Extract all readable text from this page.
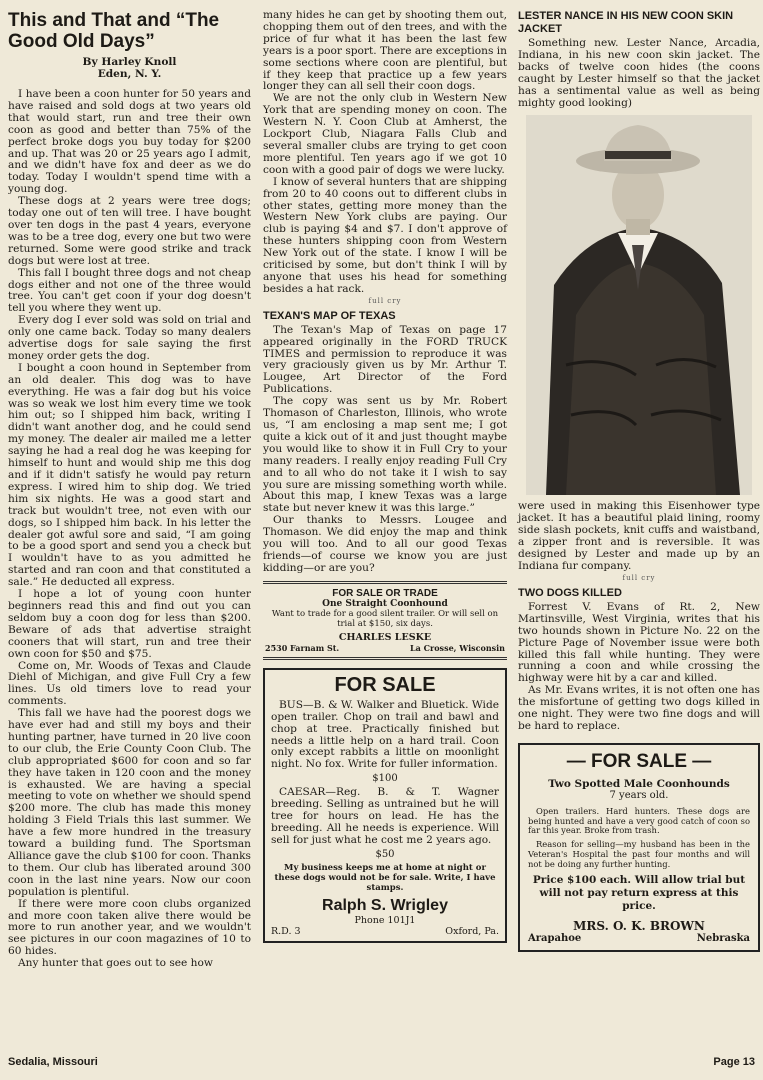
This and That and “The Good Old Days”
By Harley Knoll
Eden, N. Y.

I have been a coon hunter for 50 years and have raised and sold dogs at two years old that would start, run and tree their own coon as good and better than 75% of the perfect broke dogs you buy today for $200 and up. That was 20 or 25 years ago I admit, and we didn't have fox and deer as we do today. Today I wouldn't spend time with a young dog.

These dogs at 2 years were tree dogs; today one out of ten will tree. I have bought over ten dogs in the past 4 years, everyone was to be a tree dog, every one but two were returned. Some were good strike and track dogs but were lost at tree.

This fall I bought three dogs and not cheap dogs either and not one of the three would tree. You can't get coon if your dog doesn't tell you where they went up.

Every dog I ever sold was sold on trial and only one came back. Today so many dealers advertise dogs for sale saying the first money order gets the dog.

I bought a coon hound in September from an old dealer. This dog was to have everything. He was a fair dog but his voice was so weak we lost him every time we took him out; so I shipped him back, writing I didn't want another dog, and he could send my money. The dealer air mailed me a letter saying he had a real dog he was keeping for himself to hunt and would ship me this dog and if it didn't satisfy he would pay return express. I wired him to ship dog. We tried him six nights. He was a good start and track but wouldn't tree, not even with our dogs, so I shipped him back. In his letter the dealer got awful sore and said, “I am going to be a good sport and send you a check but I wouldn't have to as you admitted he started and ran coon and that constituted a sale.” He deducted all express.

I hope a lot of young coon hunter beginners read this and find out you can seldom buy a coon dog for less than $200. Beware of ads that advertise straight cooners that will start, run and tree their own coon for $50 and $75.

Come on, Mr. Woods of Texas and Claude Diehl of Michigan, and give Full Cry a few lines. Us old timers love to read your comments.

This fall we have had the poorest dogs we have ever had and still my boys and their hunting partner, have turned in 20 live coon to our club, the Erie County Coon Club. The club appropriated $600 for coon and so far they have taken in 120 coon and the money is exhausted. We are having a special meeting to vote on whether we should spend $200 more. The club has made this money holding 3 Field Trials this last summer. We have a few more hundred in the treasury toward a building fund. The Sportsman Alliance gave the club $100 for coon. Thanks to them. Our club has liberated around 300 coon in the last nine years. Now our coon population is plentiful.

If there were more coon clubs organized and more coon taken alive there would be more to run another year, and we wouldn't see pictures in our coon magazines of 10 to 60 hides.

Any hunter that goes out to see how

many hides he can get by shooting them out, chopping them out of den trees, and with the price of fur what it has been the last few years is a poor sport. There are exceptions in some sections where coon are plentiful, but if they keep that practice up a few years longer they can all sell their coon dogs.

We are not the only club in Western New York that are spending money on coon. The Western N. Y. Coon Club at Amherst, the Lockport Club, Niagara Falls Club and several smaller clubs are trying to get coon more plentiful. Ten years ago if we got 10 coon with a good pair of dogs we were lucky.

I know of several hunters that are shipping from 20 to 40 coons out to different clubs in other states, getting more money than the Western New York clubs are paying. Our club is paying $4 and $7. I don't approve of these hunters shipping coon from Western New York out of the state. I know I will be criticised by some, but don't think I will by anyone that uses his head for something besides a hat rack.

full cry
TEXAN'S MAP OF TEXAS

The Texan's Map of Texas on page 17 appeared originally in the FORD TRUCK TIMES and permission to reproduce it was very graciously given us by Mr. Arthur T. Lougee, Art Director of the Ford Publications.

The copy was sent us by Mr. Robert Thomason of Charleston, Illinois, who wrote us, “I am enclosing a map sent me; I got quite a kick out of it and just thought maybe you would like to show it in Full Cry to your many readers. I really enjoy reading Full Cry and to all who do not take it I wish to say you sure are missing something worth while. About this map, I knew Texas was a large state but never knew it was this large.”

Our thanks to Messrs. Lougee and Thomason. We did enjoy the map and think you will too. And to all our good Texas friends—of course we know you are just kidding—or are you?

FOR SALE OR TRADE
One Straight Coonhound
Want to trade for a good silent trailer. Or will sell on trial at $150, six days.
CHARLES LESKE
2530 Farnam St.	La Crosse, Wisconsin
FOR SALE

BUS—B. & W. Walker and Bluetick. Wide open trailer. Chop on trail and bawl and chop at tree. Practically finished but needs a little help on a hard trail. Coon only except rabbits a little on moonlight night. No fox. Write for fuller information.

$100

CAESAR—Reg. B. & T. Wagner breeding. Selling as untrained but he will tree for hours on lead. He has the breeding. All he needs is experience. Will sell for just what he cost me 2 years ago.

$50
My business keeps me at home at night or these dogs would not be for sale. Write, I have stamps.
Ralph S. Wrigley
Phone 101J1
R.D. 3	Oxford, Pa.
LESTER NANCE IN HIS NEW COON SKIN JACKET

Something new. Lester Nance, Arcadia, Indiana, in his new coon skin jacket. The backs of twelve coon hides (the coons caught by Lester himself so that the jacket has a sentimental value as well as being mighty good looking)

were used in making this Eisenhower type jacket. It has a beautiful plaid lining, roomy side slash pockets, knit cuffs and waistband, a zipper front and is reversible. It was designed by Lester and made up by an Indiana fur company.

full cry
TWO DOGS KILLED

Forrest V. Evans of Rt. 2, New Martinsville, West Virginia, writes that his two hounds shown in Picture No. 22 on the Picture Page of November issue were both killed this fall while hunting. They were running a coon and while crossing the highway were hit by a car and killed.

As Mr. Evans writes, it is not often one has the misfortune of getting two dogs killed in one night. They were two fine dogs and will be hard to replace.

— FOR SALE —
Two Spotted Male Coonhounds
7 years old.
Open trailers. Hard hunters. These dogs are being hunted and have a very good catch of coon so far this year. Broke from trash.
Reason for selling—my husband has been in the Veteran's Hospital the past four months and will not be doing any further hunting.
Price $100 each. Will allow trial but will not pay return express at this price.
MRS. O. K. BROWN
Arapahoe	Nebraska
Sedalia, Missouri	Page 13
